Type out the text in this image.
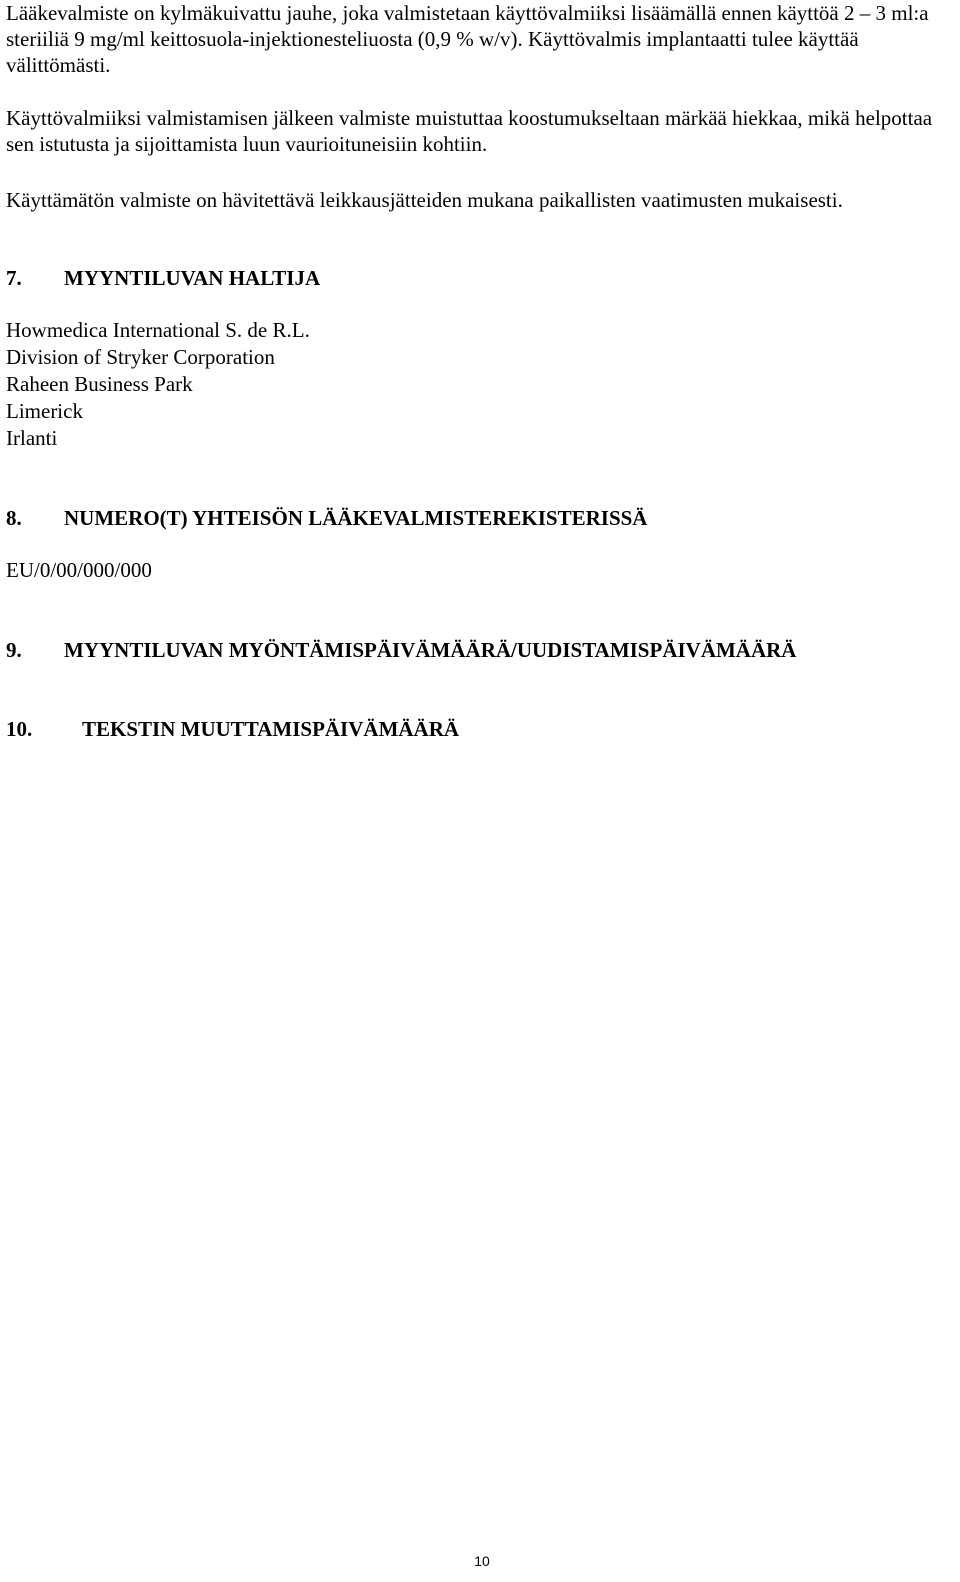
Lääkevalmiste on kylmäkuivattu jauhe, joka valmistetaan käyttövalmiiksi lisäämällä ennen käyttöä 2 – 3 ml:a steriiliä 9 mg/ml keittosuola-injektionesteliuosta (0,9 % w/v). Käyttövalmis implantaatti tulee käyttää välittömästi.

Käyttövalmiiksi valmistamisen jälkeen valmiste muistuttaa koostumukseltaan märkää hiekkaa, mikä helpottaa sen istutusta ja sijoittamista luun vaurioituneisiin kohtiin.

Käyttämätön valmiste on hävitettävä leikkausjätteiden mukana paikallisten vaatimusten mukaisesti.

7. MYYNTILUVAN HALTIJA
Howmedica International S. de R.L.
Division of Stryker Corporation
Raheen Business Park
Limerick
Irlanti
8. NUMERO(T) YHTEISÖN LÄÄKEVALMISTEREKISTERISSÄ
EU/0/00/000/000
9. MYYNTILUVAN MYÖNTÄMISPÄIVÄMÄÄRÄ/UUDISTAMISPÄIVÄMÄÄRÄ
10. TEKSTIN MUUTTAMISPÄIVÄMÄÄRÄ
10
